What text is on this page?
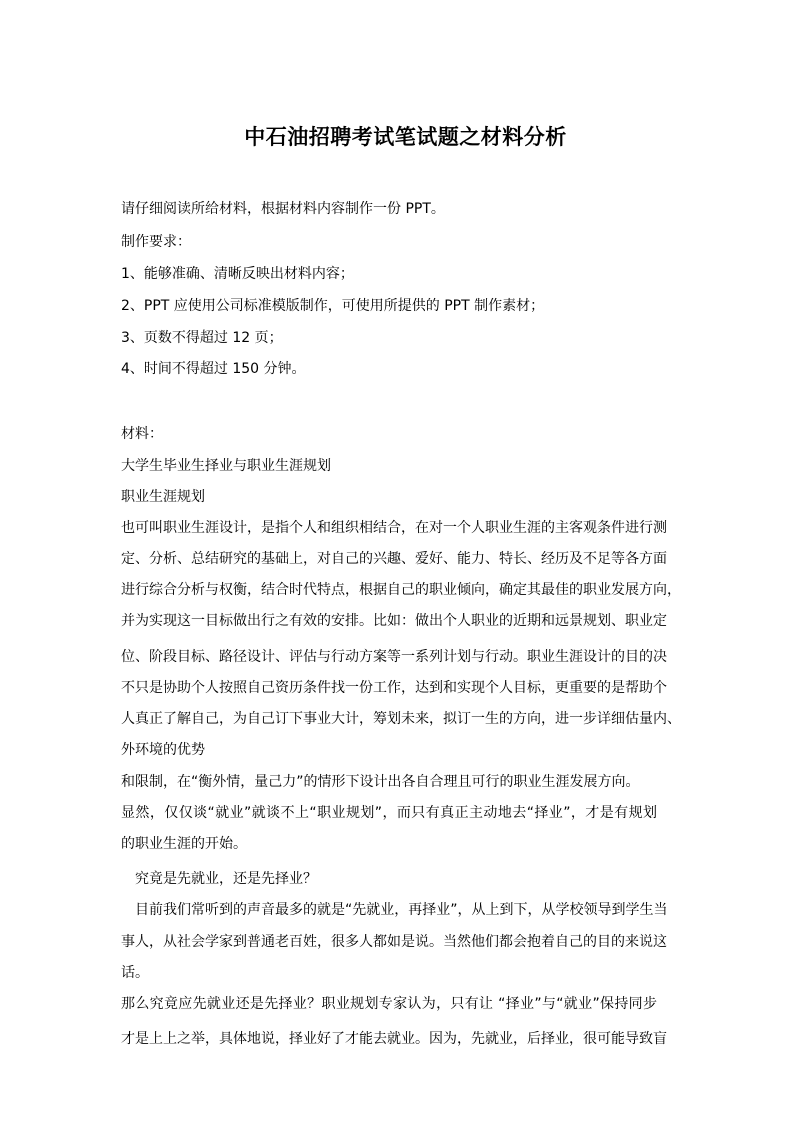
中石油招聘考试笔试题之材料分析
请仔细阅读所给材料，根据材料内容制作一份 PPT。
制作要求：
1、能够准确、清晰反映出材料内容；
2、PPT 应使用公司标准模版制作，可使用所提供的 PPT 制作素材；
3、页数不得超过 12 页；
4、时间不得超过 150 分钟。
材料：
大学生毕业生择业与职业生涯规划
职业生涯规划
也可叫职业生涯设计，是指个人和组织相结合，在对一个人职业生涯的主客观条件进行测
定、分析、总结研究的基础上，对自己的兴趣、爱好、能力、特长、经历及不足等各方面
进行综合分析与权衡，结合时代特点，根据自己的职业倾向，确定其最佳的职业发展方向，
并为实现这一目标做出行之有效的安排。比如：做出个人职业的近期和远景规划、职业定
位、阶段目标、路径设计、评估与行动方案等一系列计划与行动。职业生涯设计的目的决
不只是协助个人按照自己资历条件找一份工作，达到和实现个人目标，更重要的是帮助个
人真正了解自己，为自己订下事业大计，筹划未来，拟订一生的方向，进一步详细估量内、
外环境的优势
和限制，在“衡外情，量己力”的情形下设计出各自合理且可行的职业生涯发展方向。
显然，仅仅谈“就业”就谈不上“职业规划”，而只有真正主动地去“择业”，才是有规划
的职业生涯的开始。
究竟是先就业，还是先择业？
目前我们常听到的声音最多的就是“先就业，再择业”，从上到下，从学校领导到学生当
事人，从社会学家到普通老百姓，很多人都如是说。当然他们都会抱着自己的目的来说这
话。
那么究竟应先就业还是先择业？职业规划专家认为，只有让 “择业”与“就业”保持同步
才是上上之举，具体地说，择业好了才能去就业。因为，先就业，后择业，很可能导致盲
